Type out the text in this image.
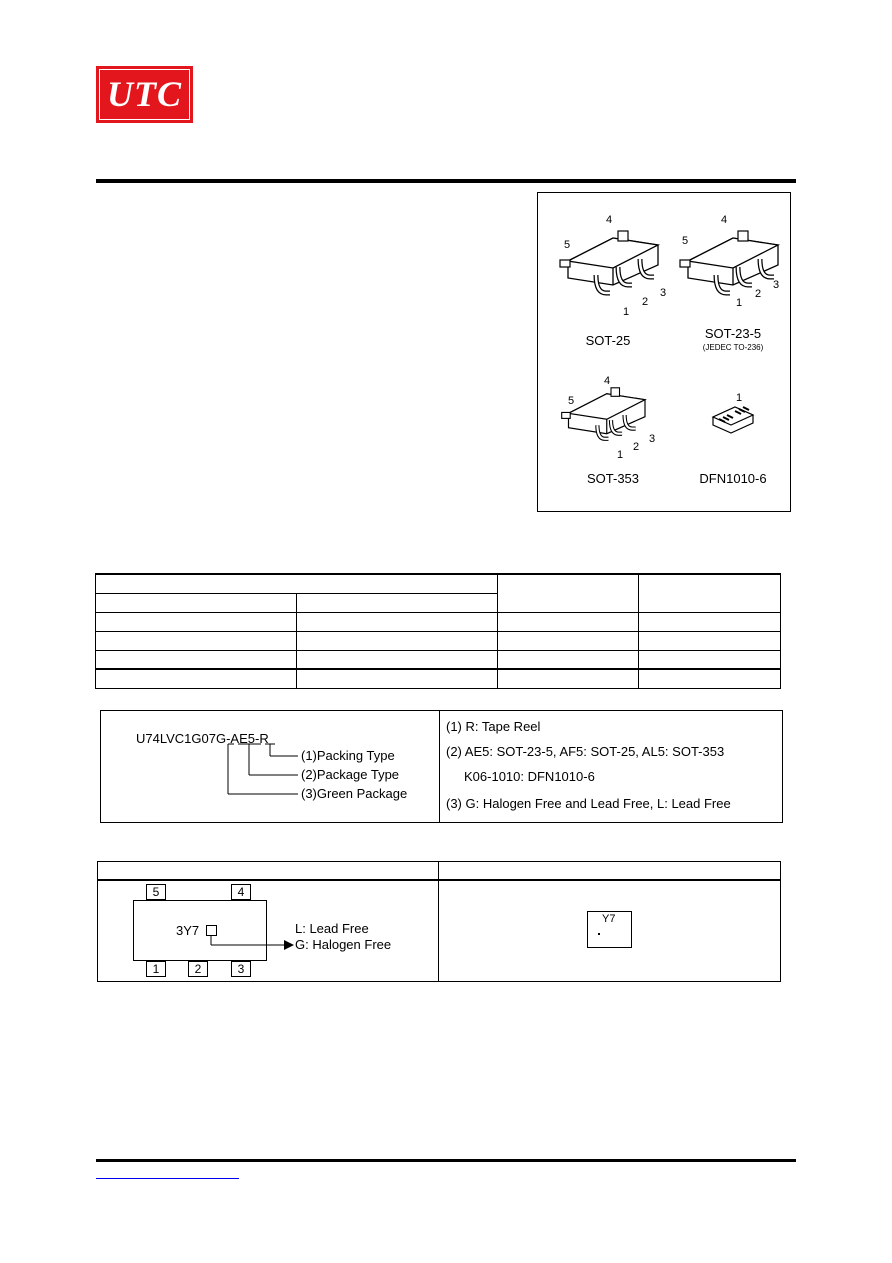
UTC
4
5
1
2
3
SOT-25
4
5
1
2
3
SOT-23-5
(JEDEC TO-236)
4
5
1
2
3
SOT-353
1
DFN1010-6

U74LVC1G07G-AE5-R
(1)Packing Type
(2)Package Type
(3)Green Package
(1) R: Tape Reel
(2) AE5: SOT-23-5, AF5: SOT-25, AL5: SOT-353
K06-1010: DFN1010-6
(3) G: Halogen Free and Lead Free, L: Lead Free
5	4
1	2	3
3Y7	L: Lead Free
G: Halogen Free
Y7
